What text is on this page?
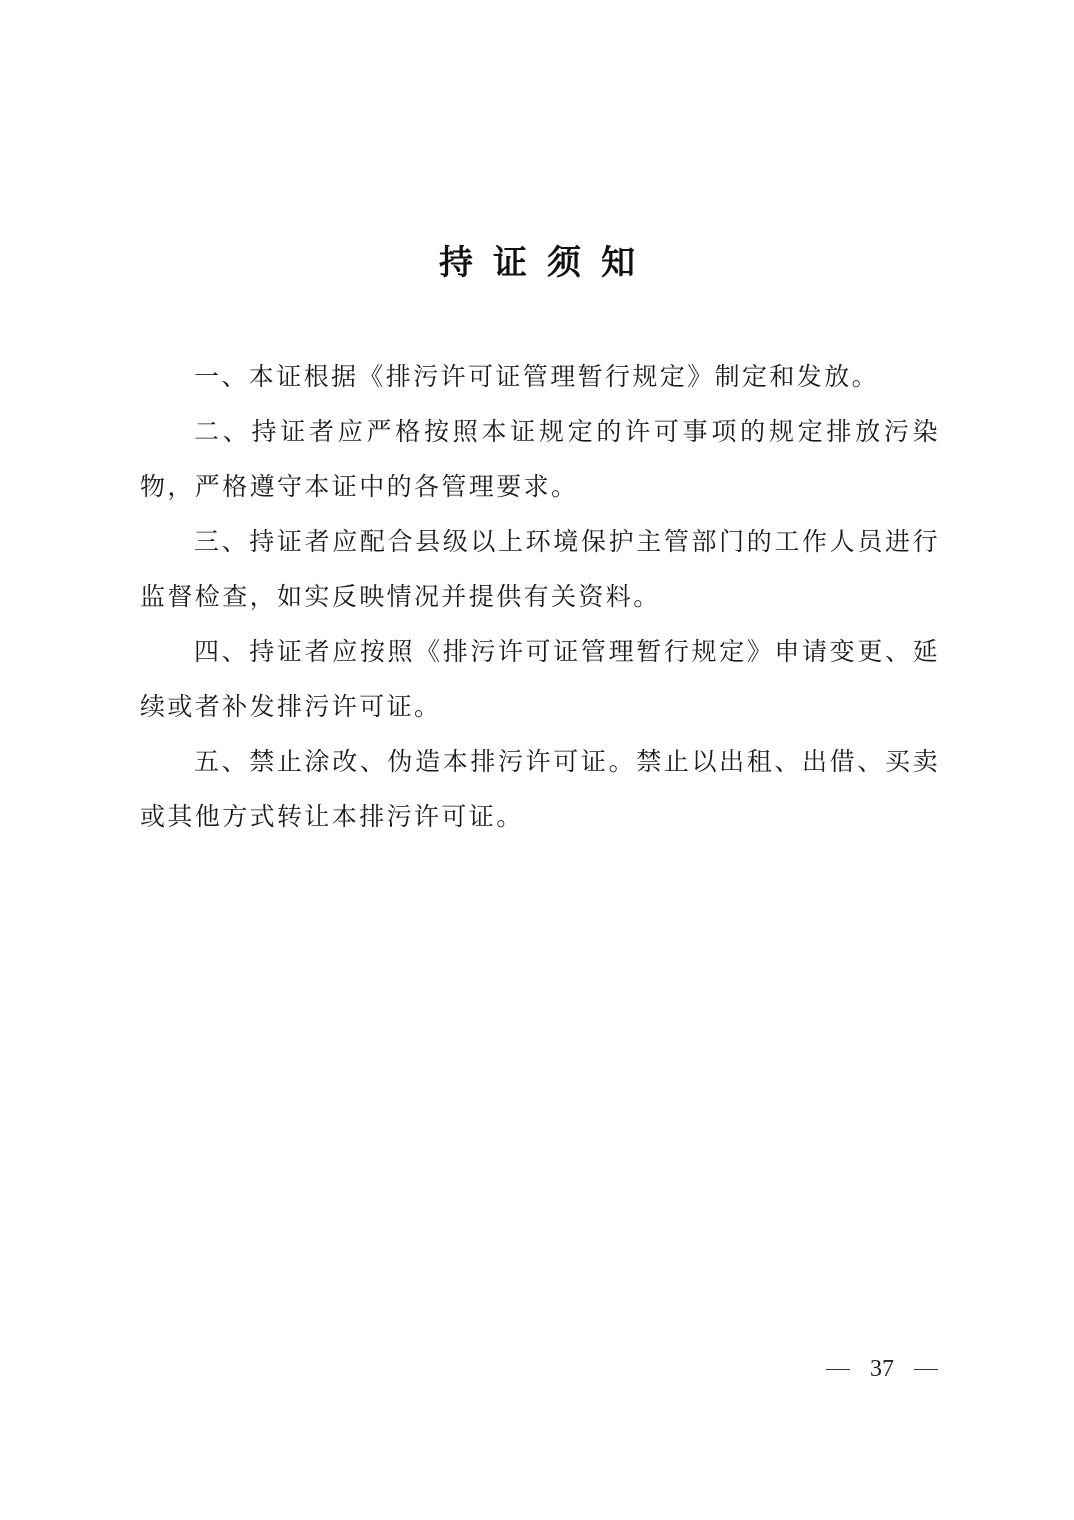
持证须知

一、本证根据《排污许可证管理暂行规定》制定和发放。

二、持证者应严格按照本证规定的许可事项的规定排放污染物，严格遵守本证中的各管理要求。

三、持证者应配合县级以上环境保护主管部门的工作人员进行监督检查，如实反映情况并提供有关资料。

四、持证者应按照《排污许可证管理暂行规定》申请变更、延续或者补发排污许可证。

五、禁止涂改、伪造本排污许可证。禁止以出租、出借、买卖或其他方式转让本排污许可证。

37
